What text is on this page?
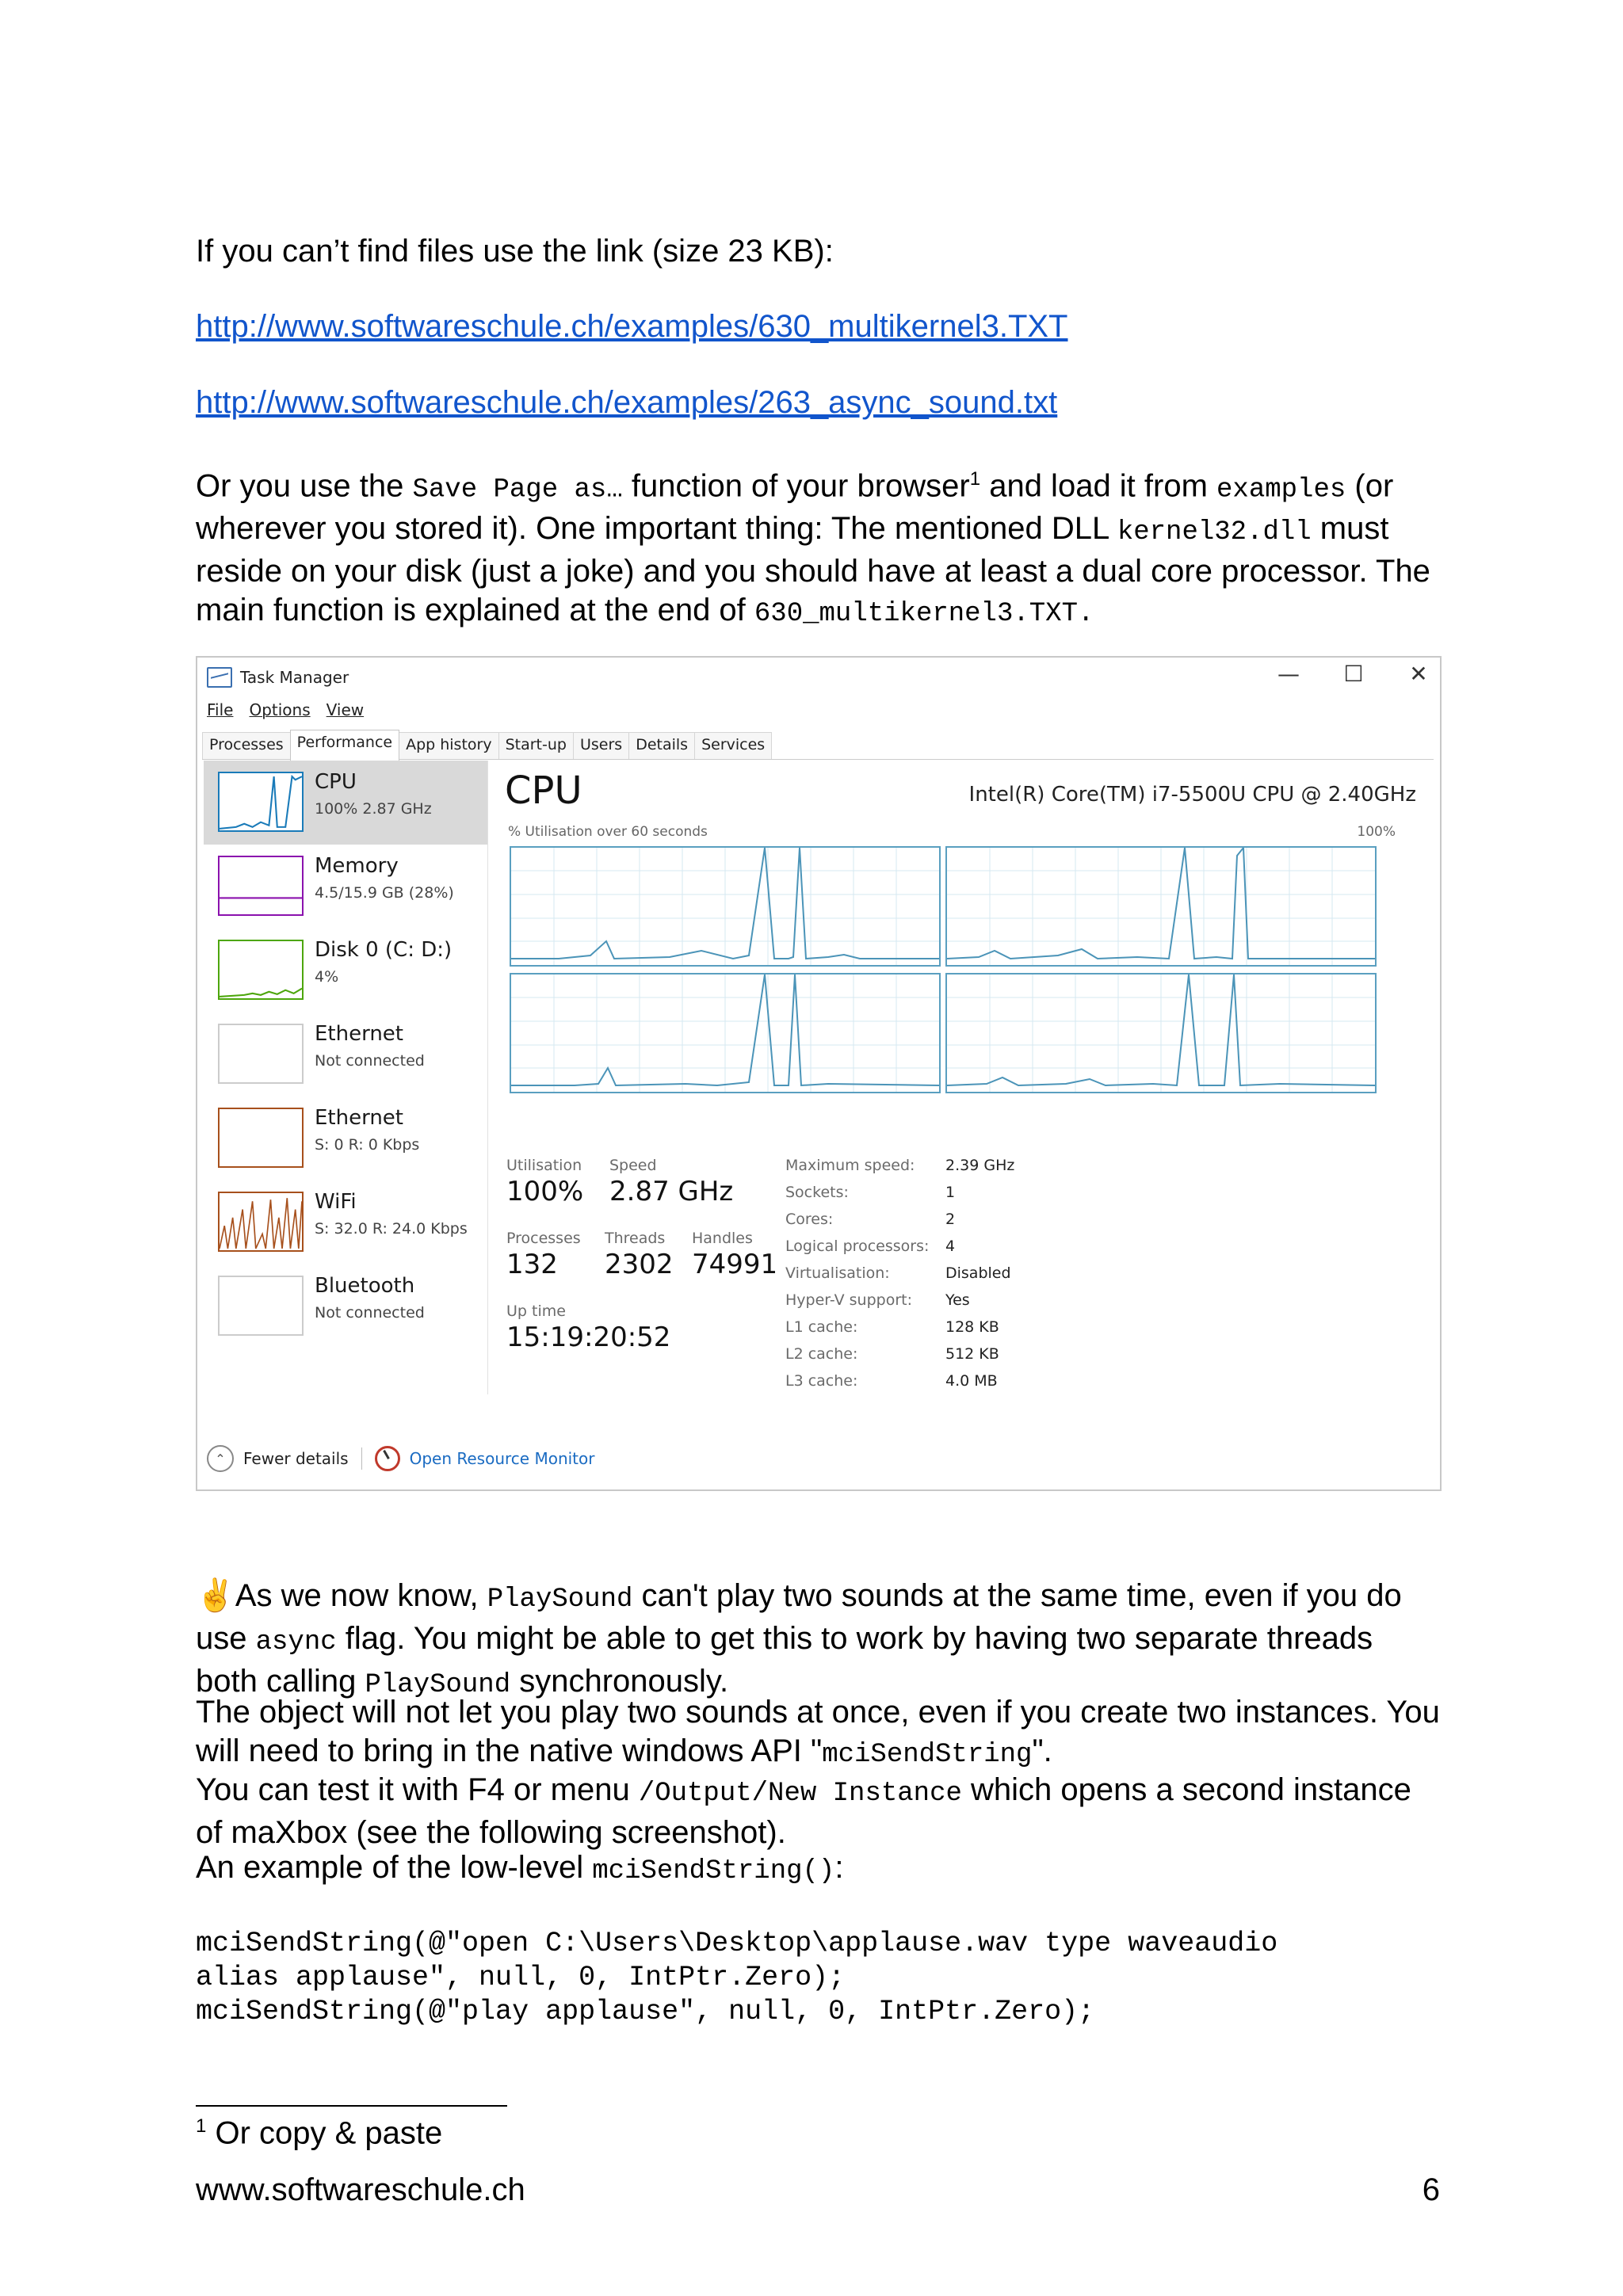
If you can’t find files use the link (size 23 KB):

http://www.softwareschule.ch/examples/630_multikernel3.TXT

http://www.softwareschule.ch/examples/263_async_sound.txt

Or you use the Save Page as… function of your browser$^1$ and load it from examples (or wherever you stored it). One important thing: The mentioned DLL kernel32.dll must reside on your disk (just a joke) and you should have at least a dual core processor. The main function is explained at the end of 630_multikernel3.TXT.

Task Manager	— ☐ ✕
File Options View
Processes Performance App history Start-up Users Details Services
CPU
100% 2.87 GHz
Memory
4.5/15.9 GB (28%)
Disk 0 (C: D:)
4%
Ethernet
Not connected
Ethernet
S: 0 R: 0 Kbps
WiFi
S: 32.0 R: 24.0 Kbps
Bluetooth
Not connected
CPU	Intel(R) Core(TM) i7-5500U CPU @ 2.40GHz
% Utilisation over 60 seconds	100%
Utilisation
100%
Speed
2.87 GHz
Processes
132
Threads
2302
Handles
74991
Up time
15:19:20:52
Maximum speed: 2.39 GHz
Sockets:	1
Cores:	2
Logical processors: 4
Virtualisation:	Disabled
Hyper-V support: Yes
L1 cache:	128 KB
L2 cache:	512 KB
L3 cache:	4.0 MB
⌃	Fewer details	Open Resource Monitor

✌As we now know, PlaySound can't play two sounds at the same time, even if you do use async flag. You might be able to get this to work by having two separate threads both calling PlaySound synchronously.

The object will not let you play two sounds at once, even if you create two instances. You will need to bring in the native windows API "mciSendString".

You can test it with F4 or menu /Output/New Instance which opens a second instance of maXbox (see the following screenshot).

An example of the low-level mciSendString():

mciSendString(@"open C:\Users\Desktop\applause.wav type waveaudio
alias applause", null, 0, IntPtr.Zero);
mciSendString(@"play applause", null, 0, IntPtr.Zero);
$^1$ Or copy & paste
www.softwareschule.ch	6
